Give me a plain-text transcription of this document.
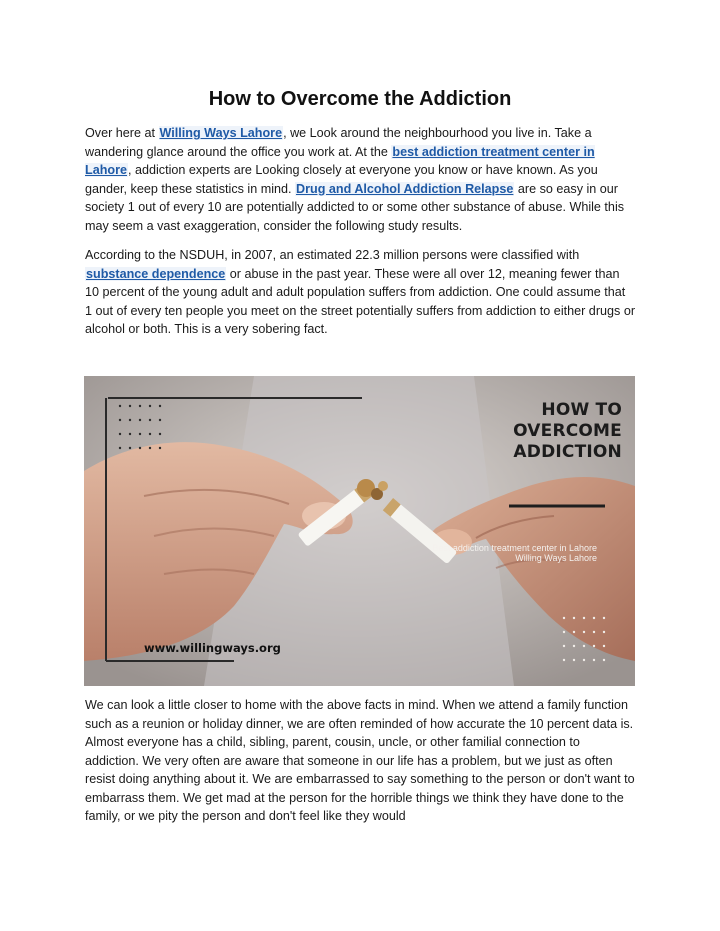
How to Overcome the Addiction

Over here at Willing Ways Lahore, we Look around the neighbourhood you live in. Take a wandering glance around the office you work at. At the best addiction treatment center in Lahore, addiction experts are Looking closely at everyone you know or have known. As you gander, keep these statistics in mind. Drug and Alcohol Addiction Relapse are so easy in our society 1 out of every 10 are potentially addicted to or some other substance of abuse. While this may seem a vast exaggeration, consider the following study results.

According to the NSDUH, in 2007, an estimated 22.3 million persons were classified with substance dependence or abuse in the past year. These were all over 12, meaning fewer than 10 percent of the young adult and adult population suffers from addiction. One could assume that 1 out of every ten people you meet on the street potentially suffers from addiction to either drugs or alcohol or both. This is a very sobering fact.

HOW TO OVERCOME
ADDICTION
Best addiction treatment center in Lahore
Willing Ways Lahore
www.willingways.org

We can look a little closer to home with the above facts in mind. When we attend a family function such as a reunion or holiday dinner, we are often reminded of how accurate the 10 percent data is. Almost everyone has a child, sibling, parent, cousin, uncle, or other familial connection to addiction. We very often are aware that someone in our life has a problem, but we just as often resist doing anything about it. We are embarrassed to say something to the person or don't want to embarrass them. We get mad at the person for the horrible things we think they have done to the family, or we pity the person and don't feel like they would
